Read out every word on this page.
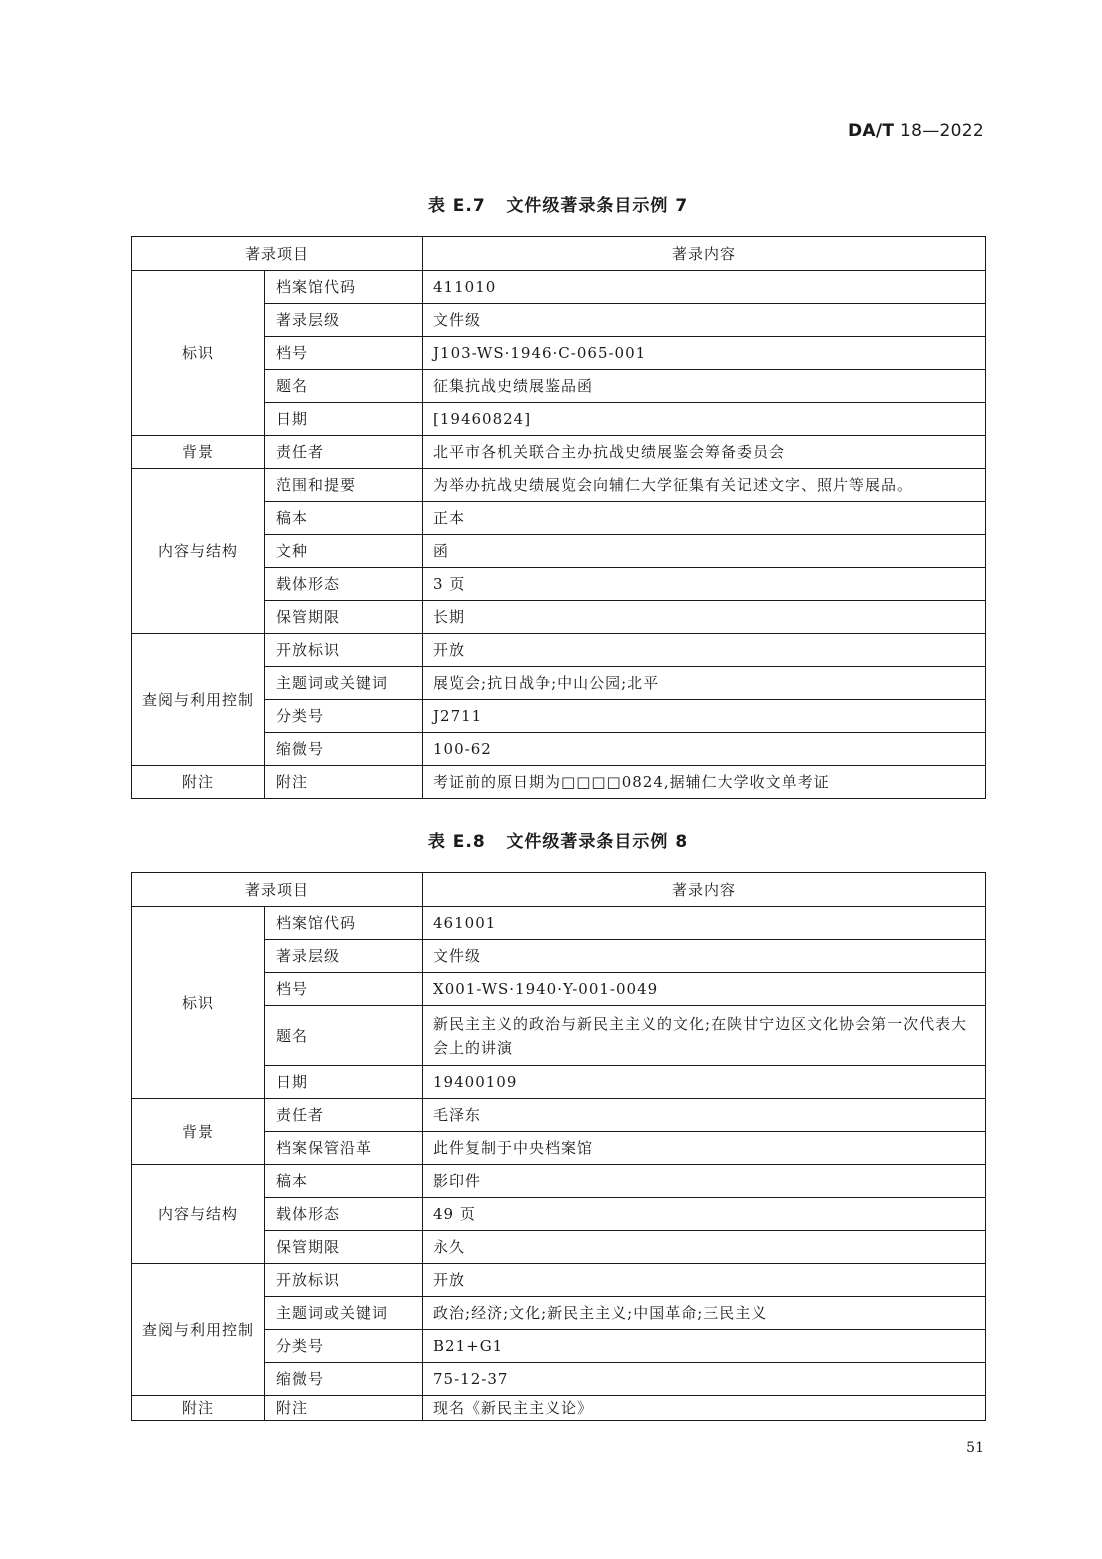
DA/T 18—2022
表 E.7   文件级著录条目示例 7
著录项目		著录内容
标识	档案馆代码	411010
	著录层级	文件级
	档号	J103-WS·1946·C-065-001
	题名	征集抗战史绩展鉴品函
	日期	[19460824]
背景	责任者	北平市各机关联合主办抗战史绩展鉴会筹备委员会
内容与结构	范围和提要	为举办抗战史绩展览会向辅仁大学征集有关记述文字、照片等展品。
	稿本	正本
	文种	函
	载体形态	3 页
	保管期限	长期
查阅与利用控制	开放标识	开放
	主题词或关键词	展览会;抗日战争;中山公园;北平
	分类号	J2711
	缩微号	100-62
附注	附注	考证前的原日期为□□□□0824,据辅仁大学收文单考证
表 E.8   文件级著录条目示例 8
著录项目		著录内容
标识	档案馆代码	461001
	著录层级	文件级
	档号	X001-WS·1940·Y-001-0049
	题名	新民主主义的政治与新民主主义的文化;在陕甘宁边区文化协会第一次代表大会上的讲演
	日期	19400109
背景	责任者	毛泽东
	档案保管沿革	此件复制于中央档案馆
内容与结构	稿本	影印件
	载体形态	49 页
	保管期限	永久
查阅与利用控制	开放标识	开放
	主题词或关键词	政治;经济;文化;新民主主义;中国革命;三民主义
	分类号	B21+G1
	缩微号	75-12-37
附注	附注	现名《新民主主义论》
51
